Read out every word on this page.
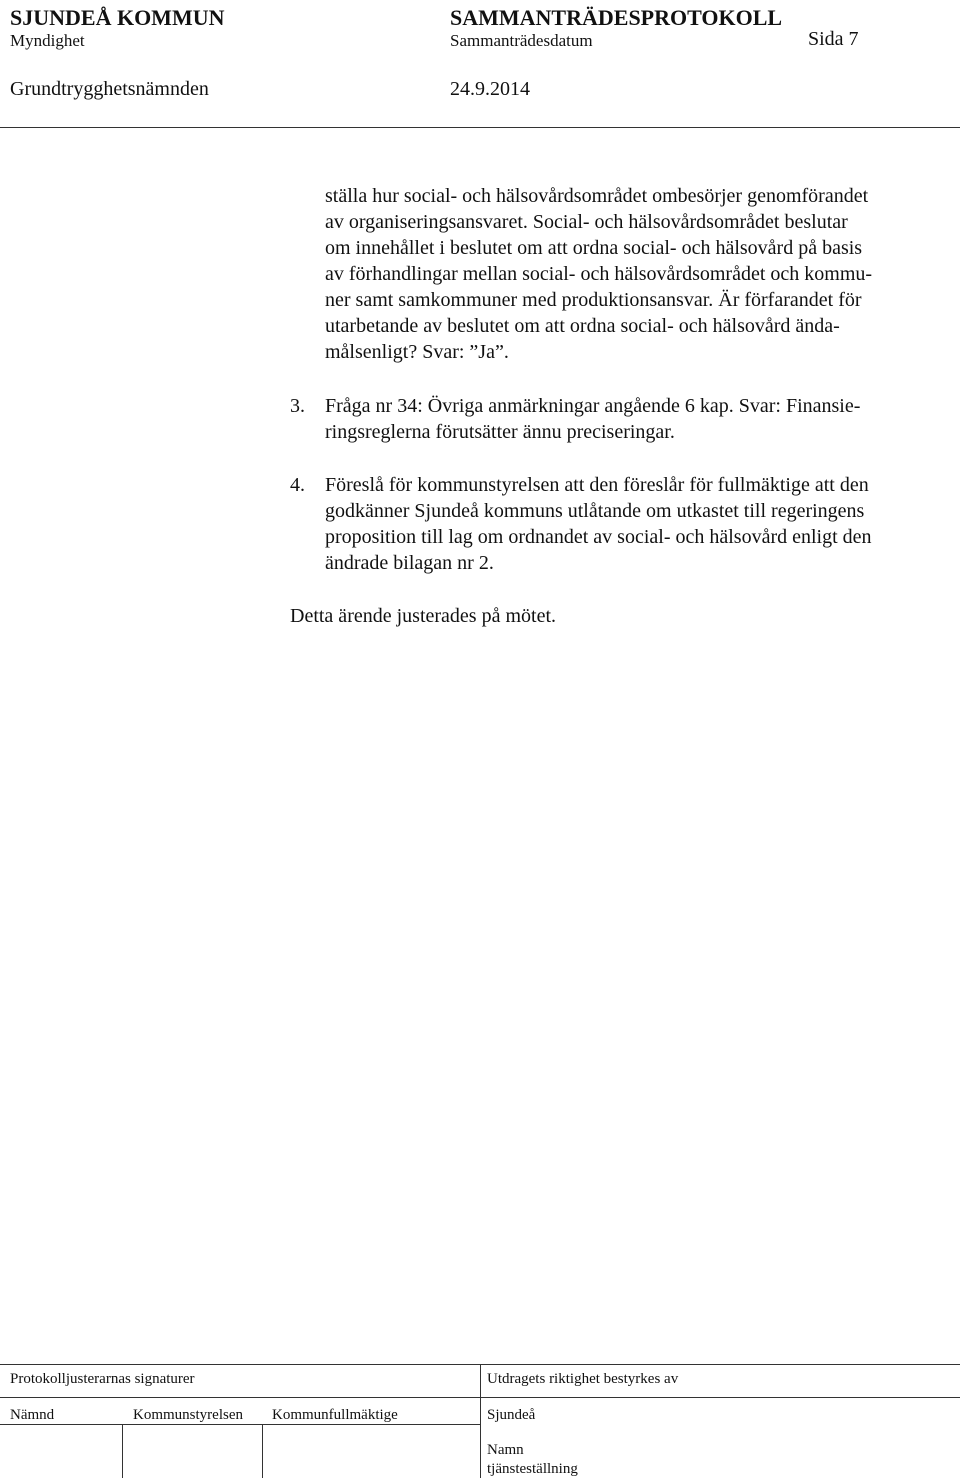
SJUNDEÅ KOMMUN	SAMMANTRÄDESPROTOKOLL
Myndighet	Sammanträdesdatum	Sida 7
Grundtrygghetsnämnden	24.9.2014

ställa hur social- och hälsovårdsområdet ombesörjer genomförandet

av organiseringsansvaret. Social- och hälsovårdsområdet beslutar

om innehållet i beslutet om att ordna social- och hälsovård på basis

av förhandlingar mellan social- och hälsovårdsområdet och kommu-

ner samt samkommuner med produktionsansvar. Är förfarandet för

utarbetande av beslutet om att ordna social- och hälsovård ända-

målsenligt? Svar: ”Ja”.

3. Fråga nr 34: Övriga anmärkningar angående 6 kap. Svar: Finansie-

ringsreglerna förutsätter ännu preciseringar.

4. Föreslå för kommunstyrelsen att den föreslår för fullmäktige att den

godkänner Sjundeå kommuns utlåtande om utkastet till regeringens

proposition till lag om ordnandet av social- och hälsovård enligt den

ändrade bilagan nr 2.

Detta ärende justerades på mötet.
Protokolljusterarnas signaturer	Utdragets riktighet bestyrkes av
Nämnd	Kommunstyrelsen Kommunfullmäktige	Sjundeå
Namn
tjänsteställning
